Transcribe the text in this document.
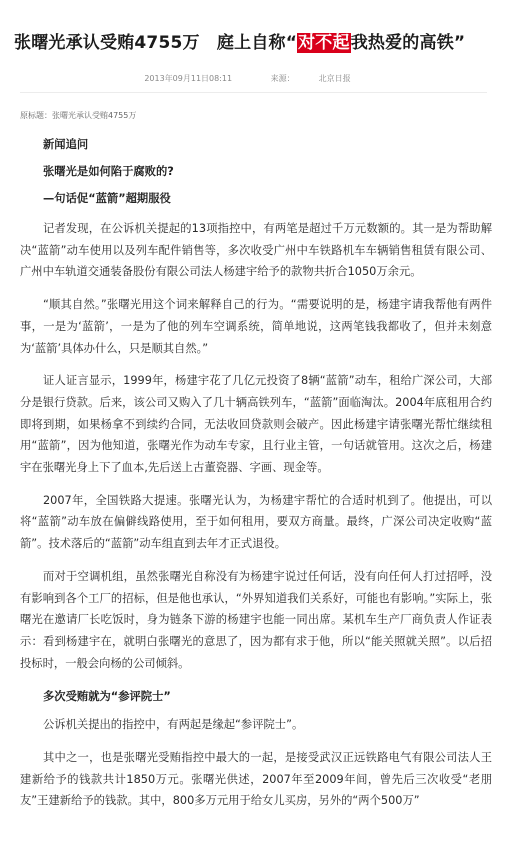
张曙光承认受贿4755万　庭上自称“对不起我热爱的高铁”
2013年09月11日08:11	来源：	北京日报
原标题：张曙光承认受贿4755万

新闻追问

张曙光是如何陷于腐败的?

—句话促“蓝箭”超期服役

记者发现，在公诉机关提起的13项指控中，有两笔是超过千万元数额的。其一是为帮助解决“蓝箭”动车使用以及列车配件销售等，多次收受广州中车铁路机车车辆销售租赁有限公司、广州中车轨道交通装备股份有限公司法人杨建宇给予的款物共折合1050万余元。

“顺其自然。”张曙光用这个词来解释自己的行为。“需要说明的是，杨建宇请我帮他有两件事，一是为‘蓝箭’，一是为了他的列车空调系统，简单地说，这两笔钱我都收了，但并未刻意为‘蓝箭’具体办什么，只是顺其自然。”

证人证言显示，1999年，杨建宇花了几亿元投资了8辆“蓝箭”动车，租给广深公司，大部分是银行贷款。后来，该公司又购入了几十辆高铁列车，“蓝箭”面临淘汰。2004年底租用合约即将到期，如果杨拿不到续约合同，无法收回贷款则会破产。因此杨建宇请张曙光帮忙继续租用“蓝箭”，因为他知道，张曙光作为动车专家，且行业主管，一句话就管用。这次之后，杨建宇在张曙光身上下了血本,先后送上古董瓷器、字画、现金等。

2007年，全国铁路大提速。张曙光认为，为杨建宇帮忙的合适时机到了。他提出，可以将“蓝箭”动车放在偏僻线路使用，至于如何租用，要双方商量。最终，广深公司决定收购“蓝箭”。技术落后的“蓝箭”动车组直到去年才正式退役。

而对于空调机组，虽然张曙光自称没有为杨建宇说过任何话，没有向任何人打过招呼，没有影响到各个工厂的招标，但是他也承认，“外界知道我们关系好，可能也有影响。”实际上，张曙光在邀请厂长吃饭时，身为链条下游的杨建宇也能一同出席。某机车生产厂商负责人作证表示：看到杨建宇在，就明白张曙光的意思了，因为都有求于他，所以“能关照就关照”。以后招投标时，一般会向杨的公司倾斜。

多次受贿就为“参评院士”

公诉机关提出的指控中，有两起是缘起“参评院士”。

其中之一，也是张曙光受贿指控中最大的一起，是接受武汉正远铁路电气有限公司法人王建新给予的钱款共计1850万元。张曙光供述，2007年至2009年间，曾先后三次收受“老朋友”王建新给予的钱款。其中，800多万元用于给女儿买房，另外的“两个500万”
